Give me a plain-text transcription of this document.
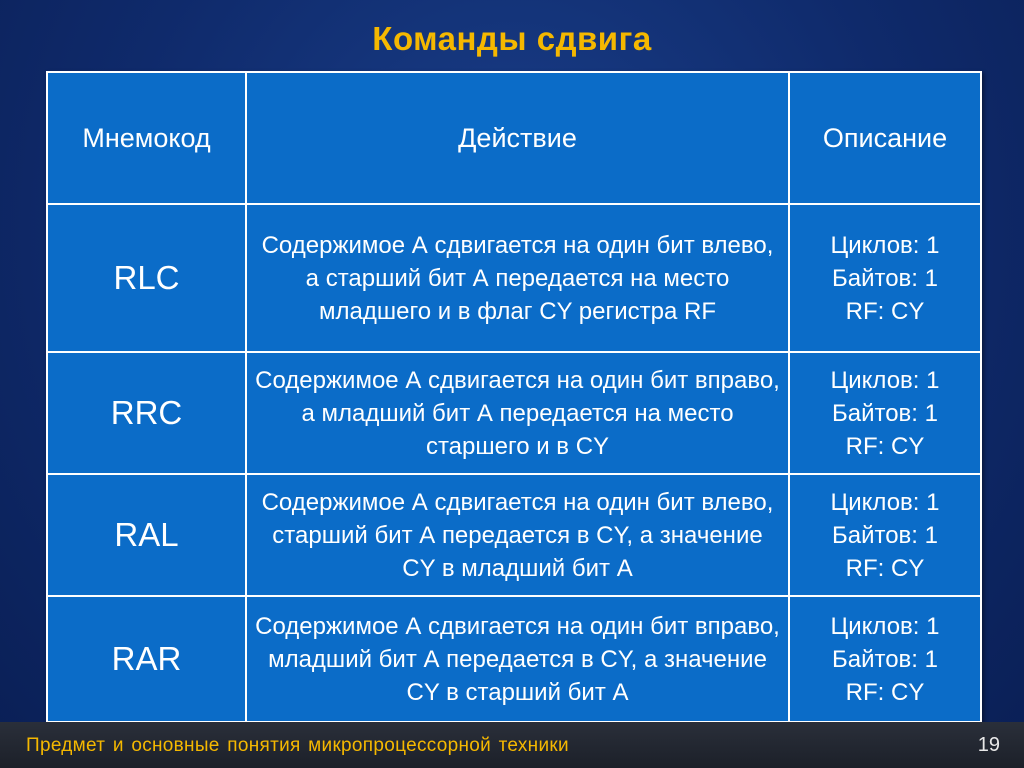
Команды сдвига
Мнемокод	Действие	Описание
RLC	Содержимое А сдвигается на один бит влево, а старший бит А передается на место младшего и в флаг CY регистра RF	Циклов: 1
Байтов: 1
RF: CY

RRC	Содержимое А сдвигается на один бит вправо, а младший бит А передается на место старшего и в CY	Циклов: 1
Байтов: 1
RF: CY

RAL	Содержимое А сдвигается на один бит влево, старший бит А передается в CY, а значение CY в младший бит А	Циклов: 1
Байтов: 1
RF: CY

RAR	Содержимое А сдвигается на один бит вправо, младший бит А передается в CY, а значение CY в старший бит А	Циклов: 1
Байтов: 1
RF: CY
Предмет и основные понятия микропроцессорной техники	19
